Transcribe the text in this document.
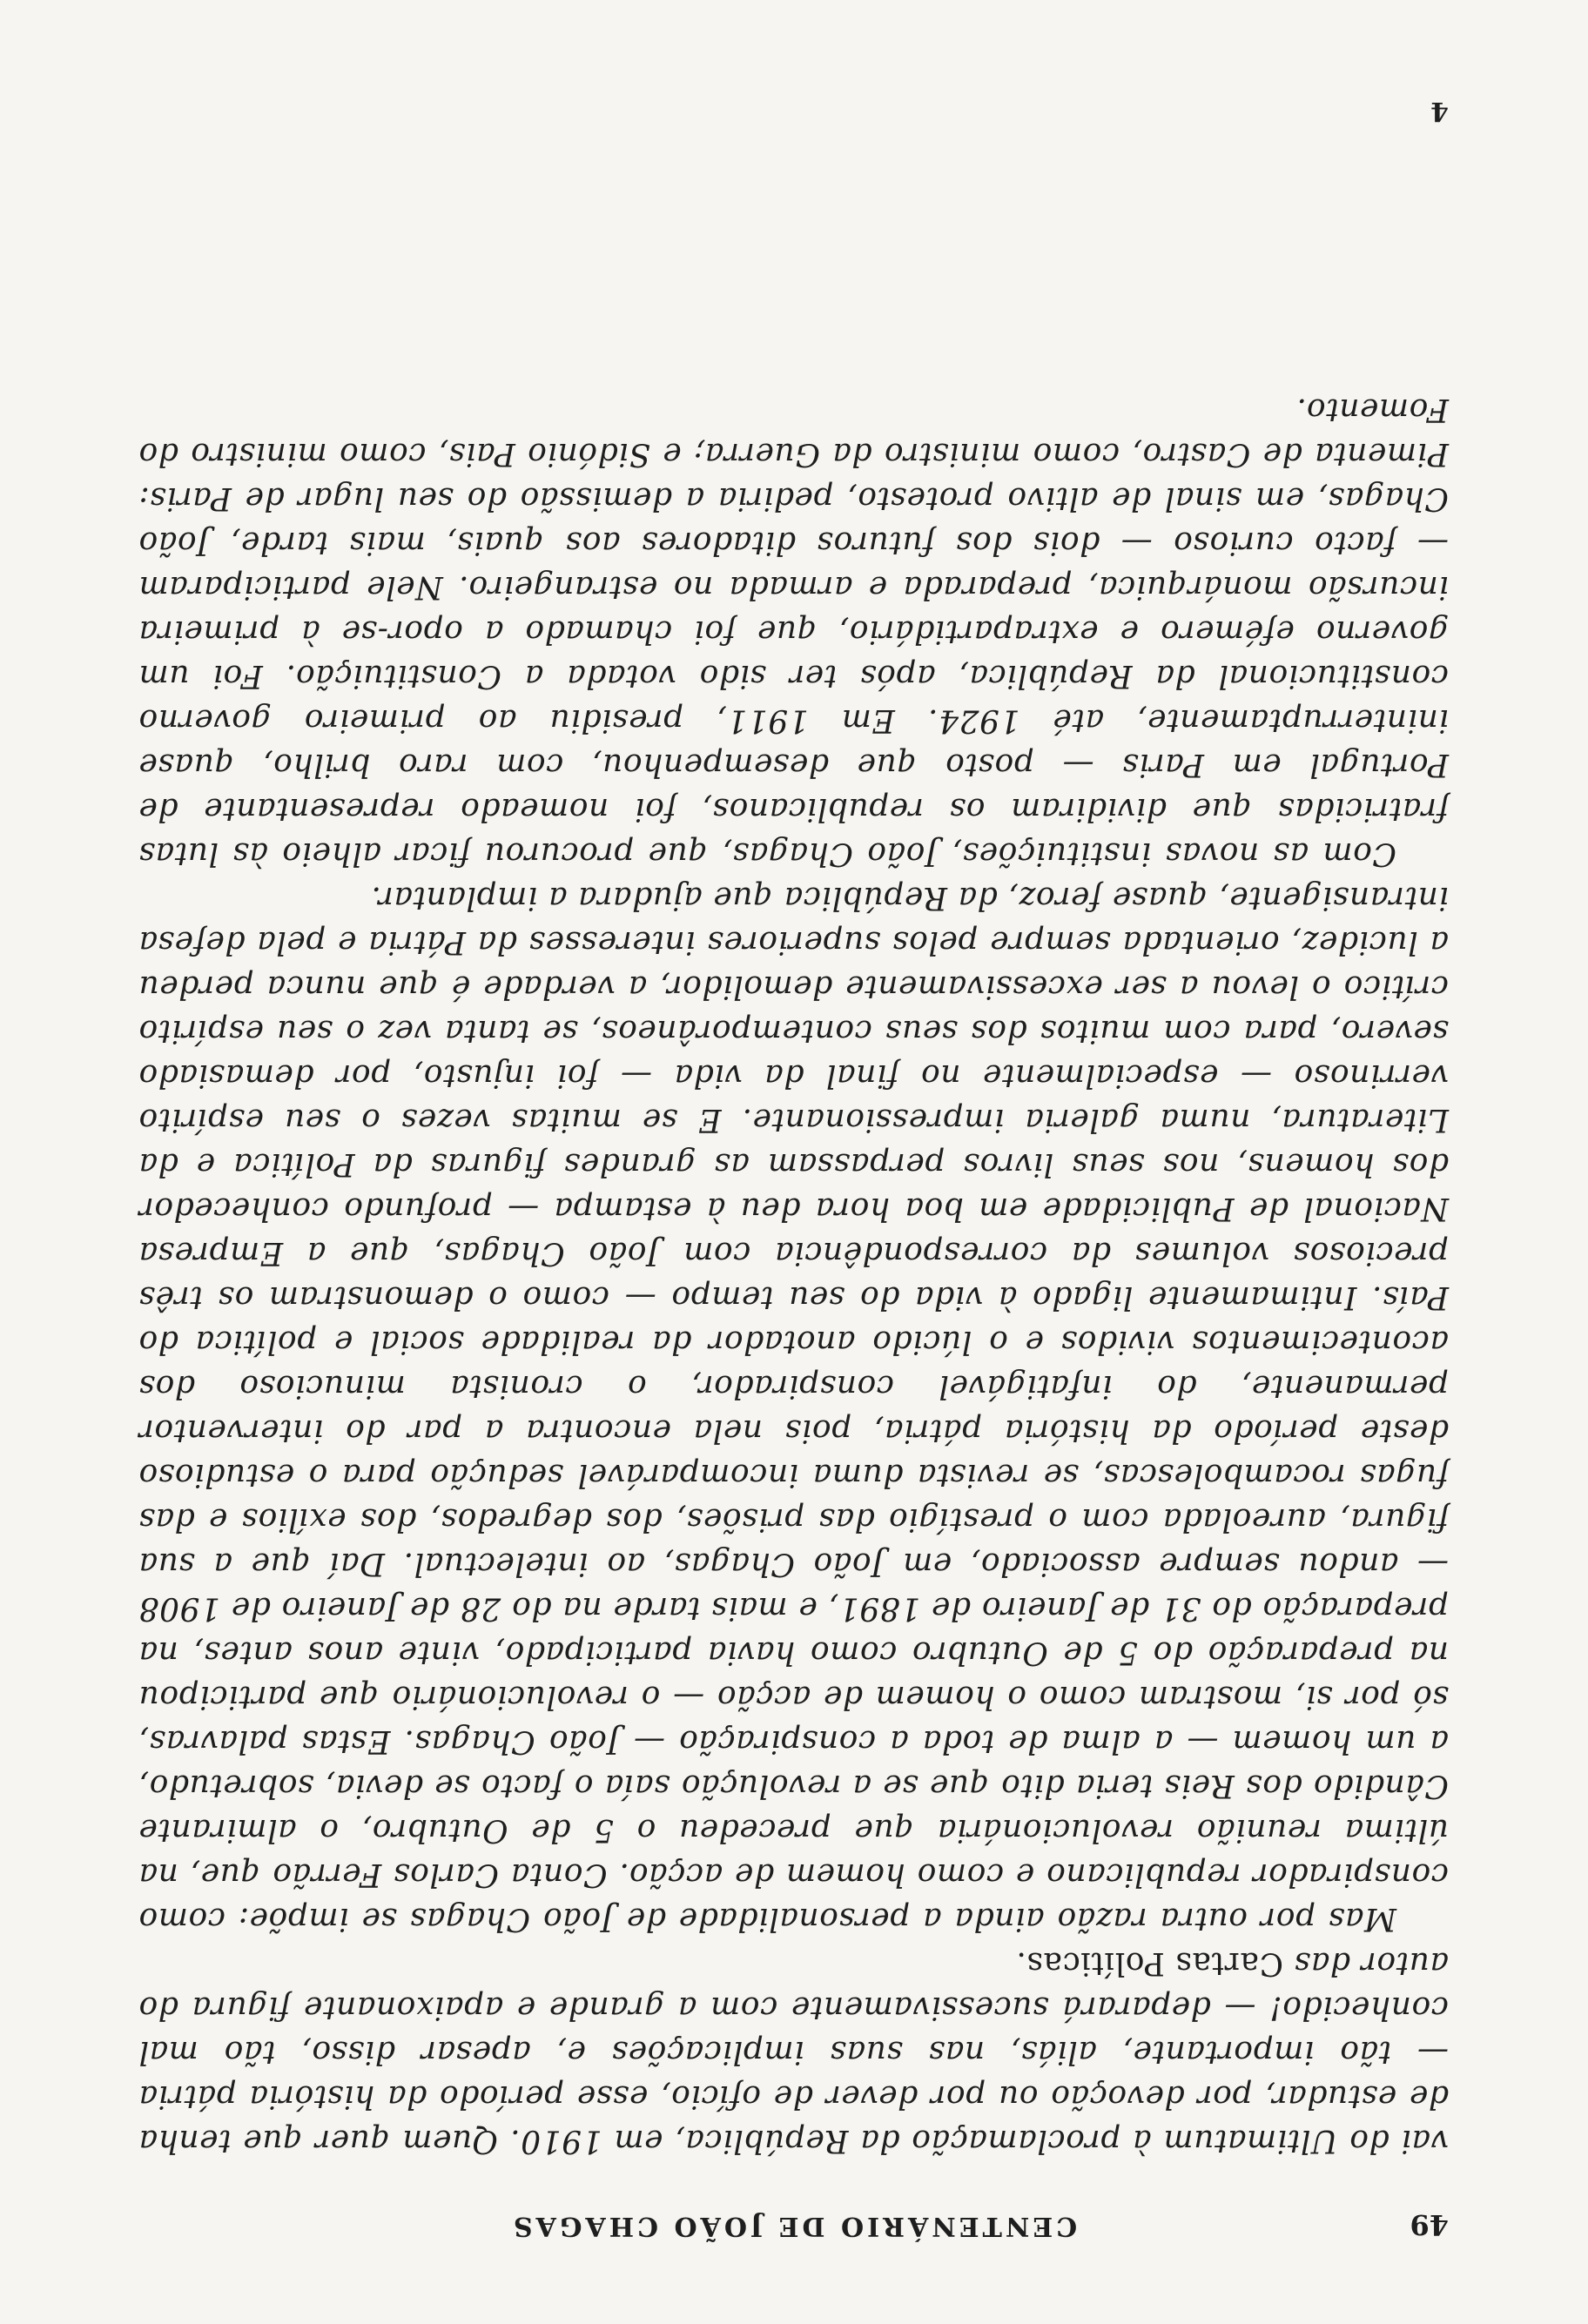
49
CENTENÁRIO DE JOÃO CHAGAS

vai do Ultimatum à proclamação da República, em 1910. Quem quer que tenha de estudar, por devoção ou por dever de ofício, esse período da história pátria — tão importante, aliás, nas suas implicações e, apesar disso, tão mal conhecido! — deparará sucessivamente com a grande e apaixonante figura do autor das Cartas Políticas.

Mas por outra razão ainda a personalidade de João Chagas se impõe: como conspirador republicano e como homem de acção. Conta Carlos Ferrão que, na última reunião revolucionária que precedeu o 5 de Outubro, o almirante Cândido dos Reis teria dito que se a revolução saía o facto se devia, sobretudo, a um homem — a alma de toda a conspiração — João Chagas. Estas palavras, só por si, mostram como o homem de acção — o revolucionário que participou na preparação do 5 de Outubro como havia participado, vinte anos antes, na preparação do 31 de Janeiro de 1891, e mais tarde na do 28 de Janeiro de 1908 — andou sempre associado, em João Chagas, ao intelectual. Daí que a sua figura, aureolada com o prestígio das prisões, dos degredos, dos exílios e das fugas rocambolescas, se revista duma incomparável sedução para o estudioso deste período da história pátria, pois nela encontra a par do interventor permanente, do infatigável conspirador, o cronista minucioso dos acontecimentos vividos e o lúcido anotador da realidade social e política do País. Intimamente ligado à vida do seu tempo — como o demonstram os três preciosos volumes da correspondência com João Chagas, que a Empresa Nacional de Publicidade em boa hora deu à estampa — profundo conhecedor dos homens, nos seus livros perpassam as grandes figuras da Política e da Literatura, numa galeria impressionante. E se muitas vezes o seu espírito verrinoso — especialmente no final da vida — foi injusto, por demasiado severo, para com muitos dos seus contemporâneos, se tanta vez o seu espírito crítico o levou a ser excessivamente demolidor, a verdade é que nunca perdeu a lucidez, orientada sempre pelos superiores interesses da Pátria e pela defesa intransigente, quase feroz, da República que ajudara a implantar.

Com as novas instituições, João Chagas, que procurou ficar alheio às lutas fratricidas que dividiram os republicanos, foi nomeado representante de Portugal em Paris — posto que desempenhou, com raro brilho, quase ininterruptamente, até 1924. Em 1911, presidiu ao primeiro governo constitucional da República, após ter sido votada a Constituição. Foi um governo efémero e extrapartidário, que foi chamado a opor-se à primeira incursão monárquica, preparada e armada no estrangeiro. Nele participaram — facto curioso — dois dos futuros ditadores aos quais, mais tarde, João Chagas, em sinal de altivo protesto, pediria a demissão do seu lugar de Paris: Pimenta de Castro, como ministro da Guerra; e Sidónio Pais, como ministro do Fomento.

4
